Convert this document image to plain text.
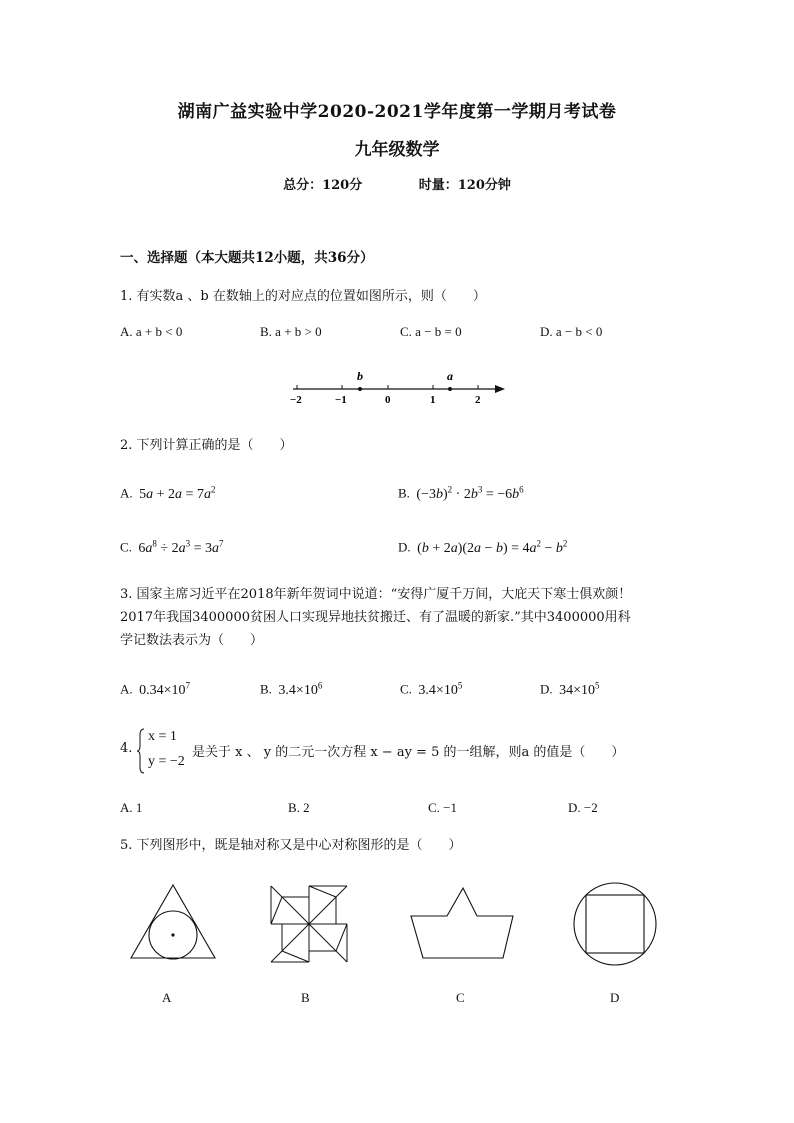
湖南广益实验中学2020-2021学年度第一学期月考试卷
九年级数学
总分：120分	时量：120分钟
一、选择题（本大题共12小题，共36分）
1. 有实数a 、b 在数轴上的对应点的位置如图所示，则（　　）
A. a + b < 0	B. a + b > 0	C. a − b = 0	D. a − b < 0
b	a
−2	−1	0	1	2
2. 下列计算正确的是（　　）
A. $5a + 2a = 7a^2$	B. $(-3b)^2 \cdot 2b^3 = -6b^6$
C. $6a^8 \div 2a^3 = 3a^7$	D. $(b + 2a)(2a - b) = 4a^2 - b^2$
3. 国家主席习近平在2018年新年贺词中说道：“安得广厦千万间，大庇天下寒士俱欢颜！
2017年我国3400000贫困人口实现异地扶贫搬迁、有了温暖的新家.”其中3400000用科
学记数法表示为（　　）
A. $0.34\times 10^7$	B. $3.4\times 10^6$	C. $3.4\times 10^5$	D. $34\times 10^5$
4.
x = 1
y = −2
是关于 x 、 y 的二元一次方程 x − ay = 5 的一组解，则a 的值是（　　）
A. 1	B. 2	C. −1	D. −2
5. 下列图形中，既是轴对称又是中心对称图形的是（　　）
A	B	C	D
